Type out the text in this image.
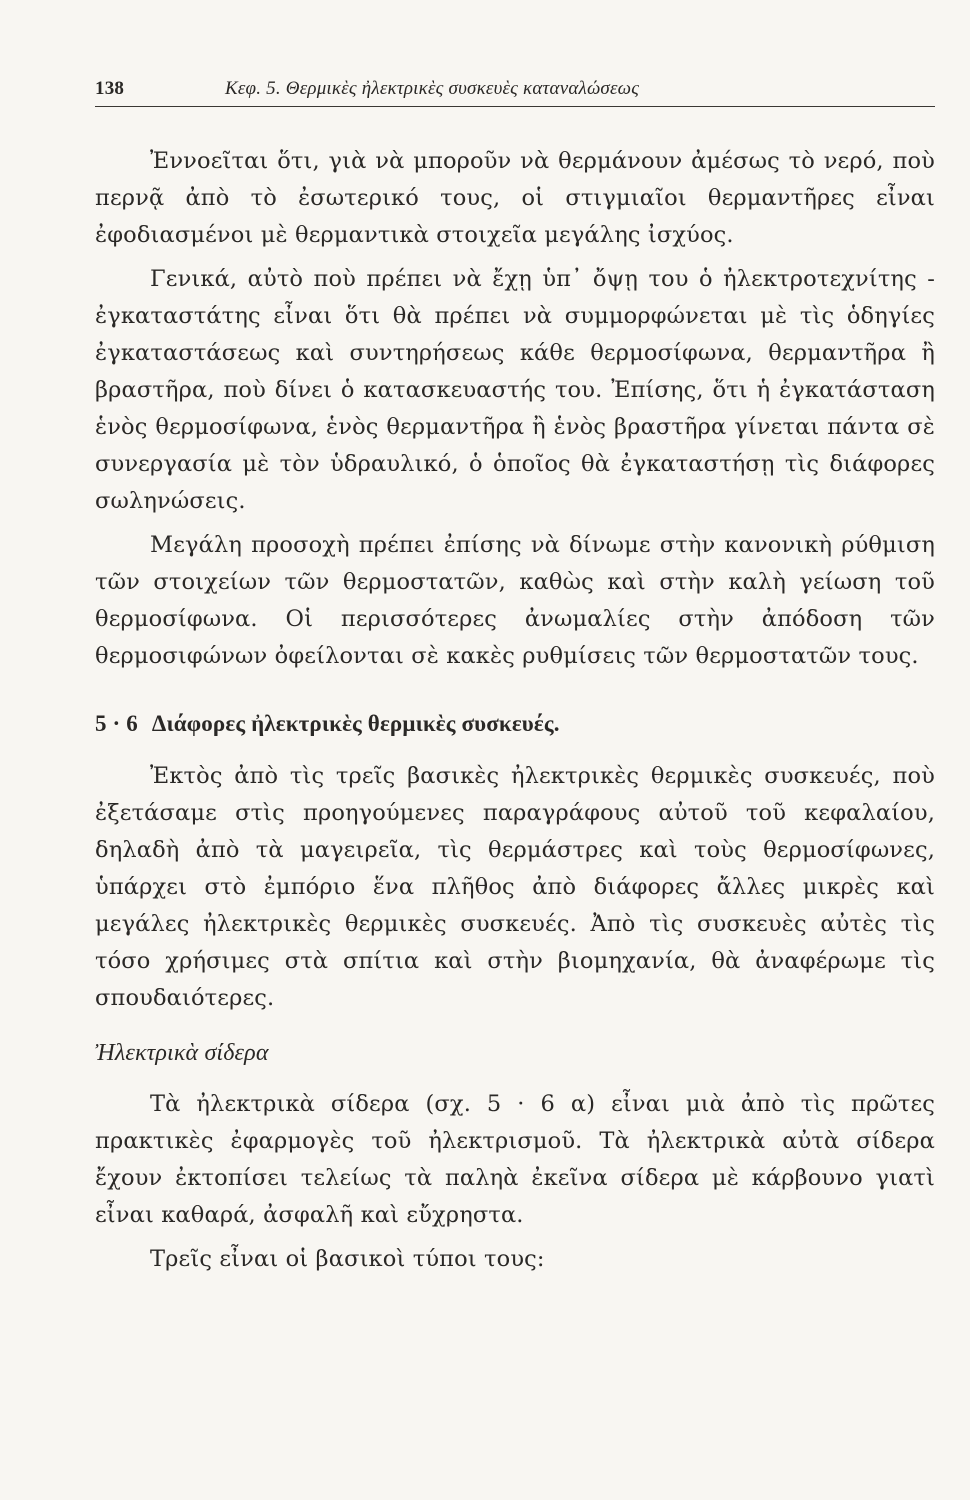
138	Κεφ. 5. Θερμικὲς ἠλεκτρικὲς συσκευὲς καταναλώσεως

Ἐννοεῖται ὅτι, γιὰ νὰ μποροῦν νὰ θερμάνουν ἀμέσως τὸ νερό, ποὺ περνᾷ ἀπὸ τὸ ἐσωτερικό τους, οἱ στιγμιαῖοι θερμαντῆρες εἶναι ἐφοδιασμένοι μὲ θερμαντικὰ στοιχεῖα μεγάλης ἰσχύος.

Γενικά, αὐτὸ ποὺ πρέπει νὰ ἔχῃ ὑπ᾽ ὄψῃ του ὁ ἠλεκτροτεχνίτης - ἐγκαταστάτης εἶναι ὅτι θὰ πρέπει νὰ συμμορφώνεται μὲ τὶς ὁδηγίες ἐγκαταστάσεως καὶ συντηρήσεως κάθε θερμοσίφωνα, θερμαντῆρα ἢ βραστῆρα, ποὺ δίνει ὁ κατασκευαστής του. Ἐπίσης, ὅτι ἡ ἐγκατάσταση ἑνὸς θερμοσίφωνα, ἑνὸς θερμαντῆρα ἢ ἑνὸς βραστῆρα γίνεται πάντα σὲ συνεργασία μὲ τὸν ὑδραυλικό, ὁ ὁποῖος θὰ ἐγκαταστήσῃ τὶς διάφορες σωληνώσεις.

Μεγάλη προσοχὴ πρέπει ἐπίσης νὰ δίνωμε στὴν κανονικὴ ρύθμιση τῶν στοιχείων τῶν θερμοστατῶν, καθὼς καὶ στὴν καλὴ γείωση τοῦ θερμοσίφωνα. Οἱ περισσότερες ἀνωμαλίες στὴν ἀπόδοση τῶν θερμοσιφώνων ὀφείλονται σὲ κακὲς ρυθμίσεις τῶν θερμοστατῶν τους.

5 · 6 Διάφορες ἠλεκτρικὲς θερμικὲς συσκευές.

Ἐκτὸς ἀπὸ τὶς τρεῖς βασικὲς ἠλεκτρικὲς θερμικὲς συσκευές, ποὺ ἐξετάσαμε στὶς προηγούμενες παραγράφους αὐτοῦ τοῦ κεφαλαίου, δηλαδὴ ἀπὸ τὰ μαγειρεῖα, τὶς θερμάστρες καὶ τοὺς θερμοσίφωνες, ὑπάρχει στὸ ἐμπόριο ἕνα πλῆθος ἀπὸ διάφορες ἄλλες μικρὲς καὶ μεγάλες ἠλεκτρικὲς θερμικὲς συσκευές. Ἀπὸ τὶς συσκευὲς αὐτὲς τὶς τόσο χρήσιμες στὰ σπίτια καὶ στὴν βιομηχανία, θὰ ἀναφέρωμε τὶς σπουδαιότερες.

Ἠλεκτρικὰ σίδερα

Τὰ ἠλεκτρικὰ σίδερα (σχ. 5 · 6 α) εἶναι μιὰ ἀπὸ τὶς πρῶτες πρακτικὲς ἐφαρμογὲς τοῦ ἠλεκτρισμοῦ. Τὰ ἠλεκτρικὰ αὐτὰ σίδερα ἔχουν ἐκτοπίσει τελείως τὰ παληὰ ἐκεῖνα σίδερα μὲ κάρβουνο γιατὶ εἶναι καθαρά, ἀσφαλῆ καὶ εὔχρηστα.

Τρεῖς εἶναι οἱ βασικοὶ τύποι τους:
